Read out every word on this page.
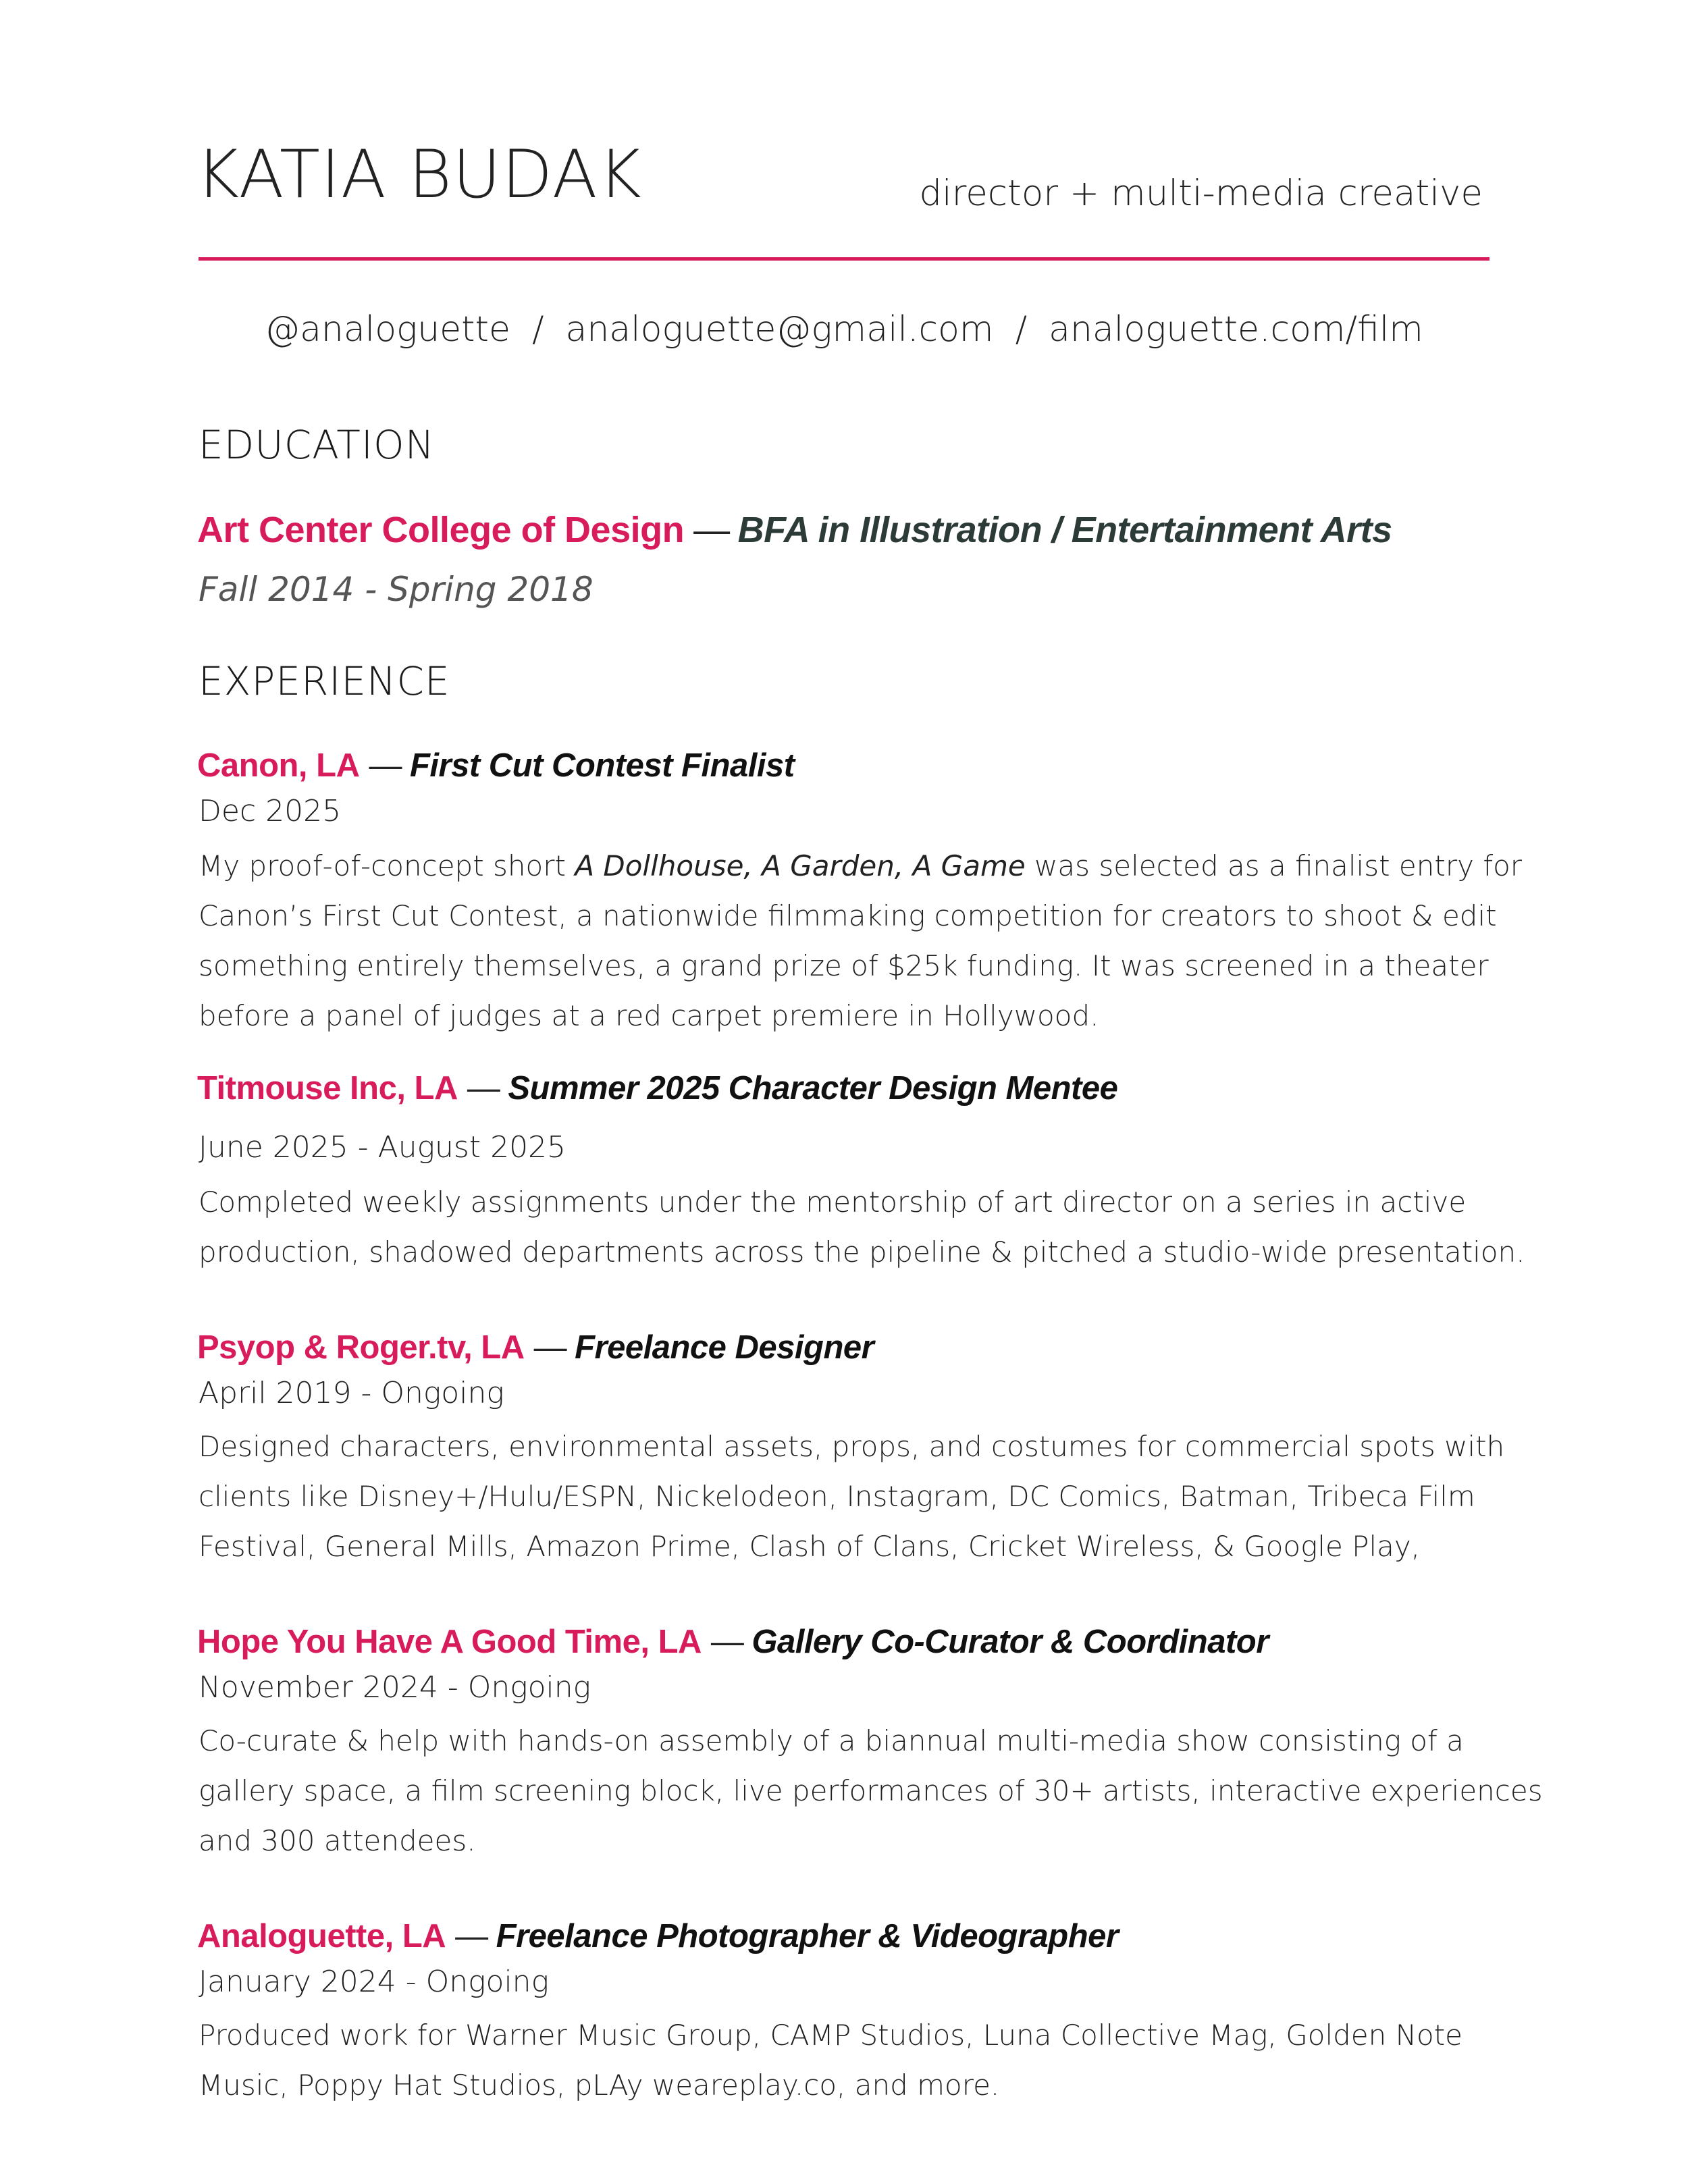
KATIA BUDAK	director + multi-media creative
@analoguette / analoguette@gmail.com / analoguette.com/film
EDUCATION
Art Center College of Design — BFA in Illustration / Entertainment Arts
Fall 2014 - Spring 2018
EXPERIENCE
Canon, LA — First Cut Contest Finalist
Dec 2025
My proof-of-concept short A Dollhouse, A Garden, A Game was selected as a finalist entry for
Canon’s First Cut Contest, a nationwide filmmaking competition for creators to shoot & edit
something entirely themselves, a grand prize of $25k funding. It was screened in a theater
before a panel of judges at a red carpet premiere in Hollywood.
Titmouse Inc, LA — Summer 2025 Character Design Mentee
June 2025 - August 2025
Completed weekly assignments under the mentorship of art director on a series in active
production, shadowed departments across the pipeline & pitched a studio-wide presentation.
Psyop & Roger.tv, LA — Freelance Designer
April 2019 - Ongoing
Designed characters, environmental assets, props, and costumes for commercial spots with
clients like Disney+/Hulu/ESPN, Nickelodeon, Instagram, DC Comics, Batman, Tribeca Film
Festival, General Mills, Amazon Prime, Clash of Clans, Cricket Wireless, & Google Play,
Hope You Have A Good Time, LA — Gallery Co-Curator & Coordinator
November 2024 - Ongoing
Co-curate & help with hands-on assembly of a biannual multi-media show consisting of a
gallery space, a film screening block, live performances of 30+ artists, interactive experiences
and 300 attendees.
Analoguette, LA — Freelance Photographer & Videographer
January 2024 - Ongoing
Produced work for Warner Music Group, CAMP Studios, Luna Collective Mag, Golden Note
Music, Poppy Hat Studios, pLAy weareplay.co, and more.
